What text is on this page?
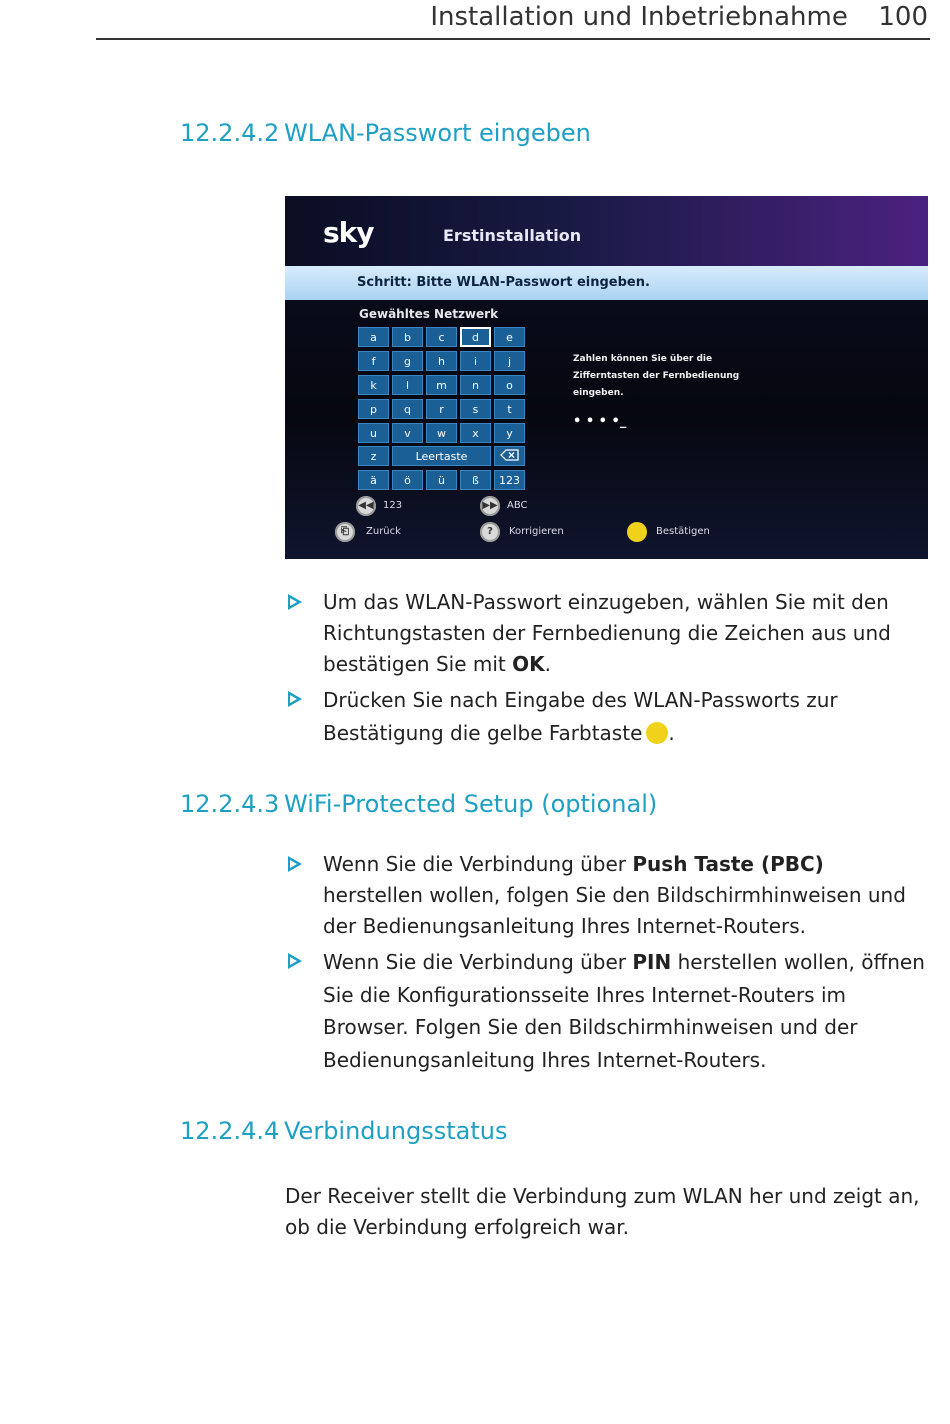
Installation und Inbetriebnahme 100
12.2.4.2 WLAN-Passwort eingeben
sky	Erstinstallation
Schritt: Bitte WLAN-Passwort eingeben.
Gewähltes Netzwerk
a	b	c	d	e
f	g	h	i	j
k	l	m	n	o
p	q	r	s	t
u	v	w	x	y
z	Leertaste
ä	ö	ü	ß	123
Zahlen können Sie über die Zifferntasten der Fernbedienung eingeben.
• • • •_
◀◀ 123	▶▶ ABC
⎗	Zurück	?	Korrigieren	Bestätigen
Um das WLAN-Passwort einzugeben, wählen Sie mit den Richtungstasten der Fernbedienung die Zeichen aus und bestätigen Sie mit OK.
Drücken Sie nach Eingabe des WLAN-Passworts zur Bestätigung die gelbe Farbtaste .
12.2.4.3 WiFi-Protected Setup (optional)
Wenn Sie die Verbindung über Push Taste (PBC) herstellen wollen, folgen Sie den Bildschirmhinweisen und der Bedienungsanleitung Ihres Internet-Routers.
Wenn Sie die Verbindung über PIN herstellen wollen, öffnen Sie die Konfigurationsseite Ihres Internet-Routers im Browser. Folgen Sie den Bildschirmhinweisen und der Bedienungsanleitung Ihres Internet-Routers.
12.2.4.4 Verbindungsstatus
Der Receiver stellt die Verbindung zum WLAN her und zeigt an, ob die Verbindung erfolgreich war.
